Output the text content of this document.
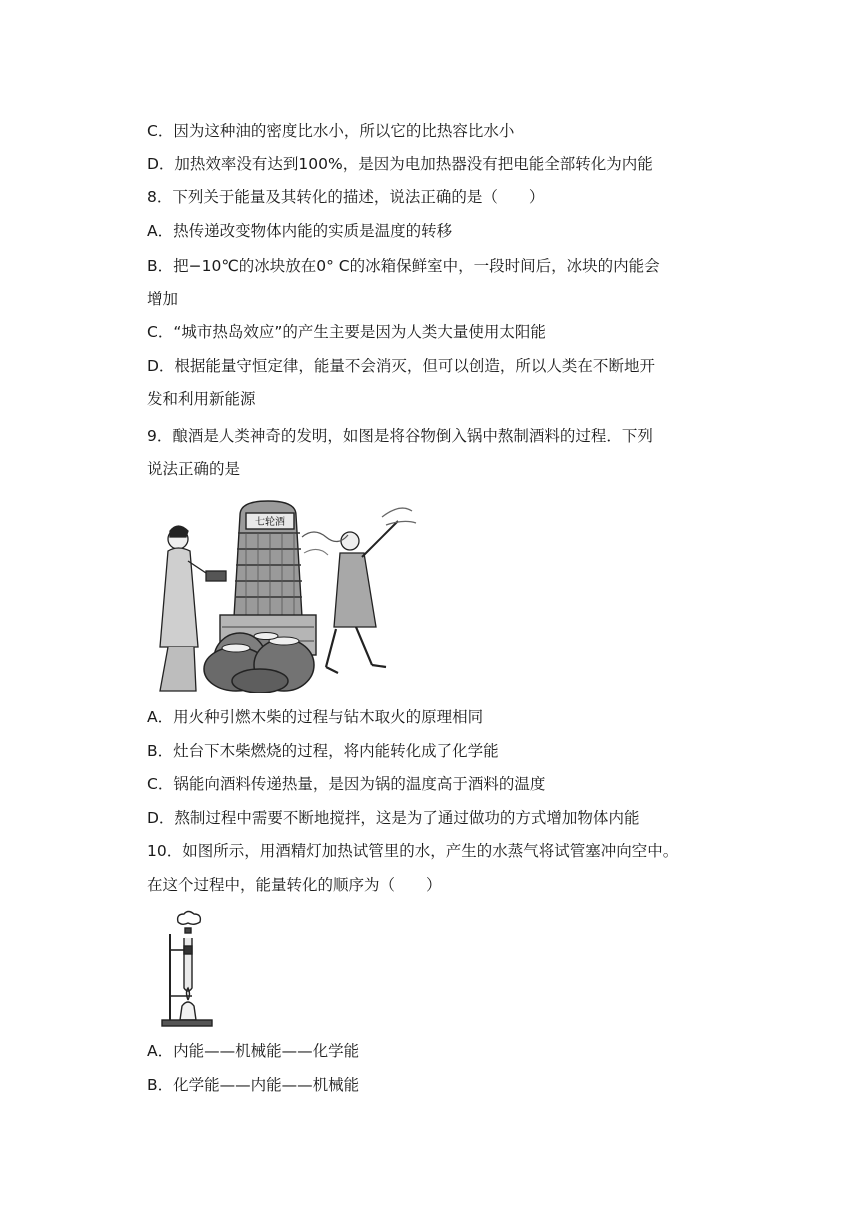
C．因为这种油的密度比水小，所以它的比热容比水小
D．加热效率没有达到100%，是因为电加热器没有把电能全部转化为内能
8．下列关于能量及其转化的描述，说法正确的是（　　）
A．热传递改变物体内能的实质是温度的转移
B．把−10℃的冰块放在0° C的冰箱保鲜室中，一段时间后，冰块的内能会
增加
C．“城市热岛效应”的产生主要是因为人类大量使用太阳能
D．根据能量守恒定律，能量不会消灭，但可以创造，所以人类在不断地开
发和利用新能源
9．酿酒是人类神奇的发明，如图是将谷物倒入锅中熬制酒料的过程．下列
说法正确的是
七轮酒
A．用火种引燃木柴的过程与钻木取火的原理相同
B．灶台下木柴燃烧的过程，将内能转化成了化学能
C．锅能向酒料传递热量，是因为锅的温度高于酒料的温度
D．熬制过程中需要不断地搅拌，这是为了通过做功的方式增加物体内能
10．如图所示，用酒精灯加热试管里的水，产生的水蒸气将试管塞冲向空中。
在这个过程中，能量转化的顺序为（　　）
A．内能——机械能——化学能
B．化学能——内能——机械能
